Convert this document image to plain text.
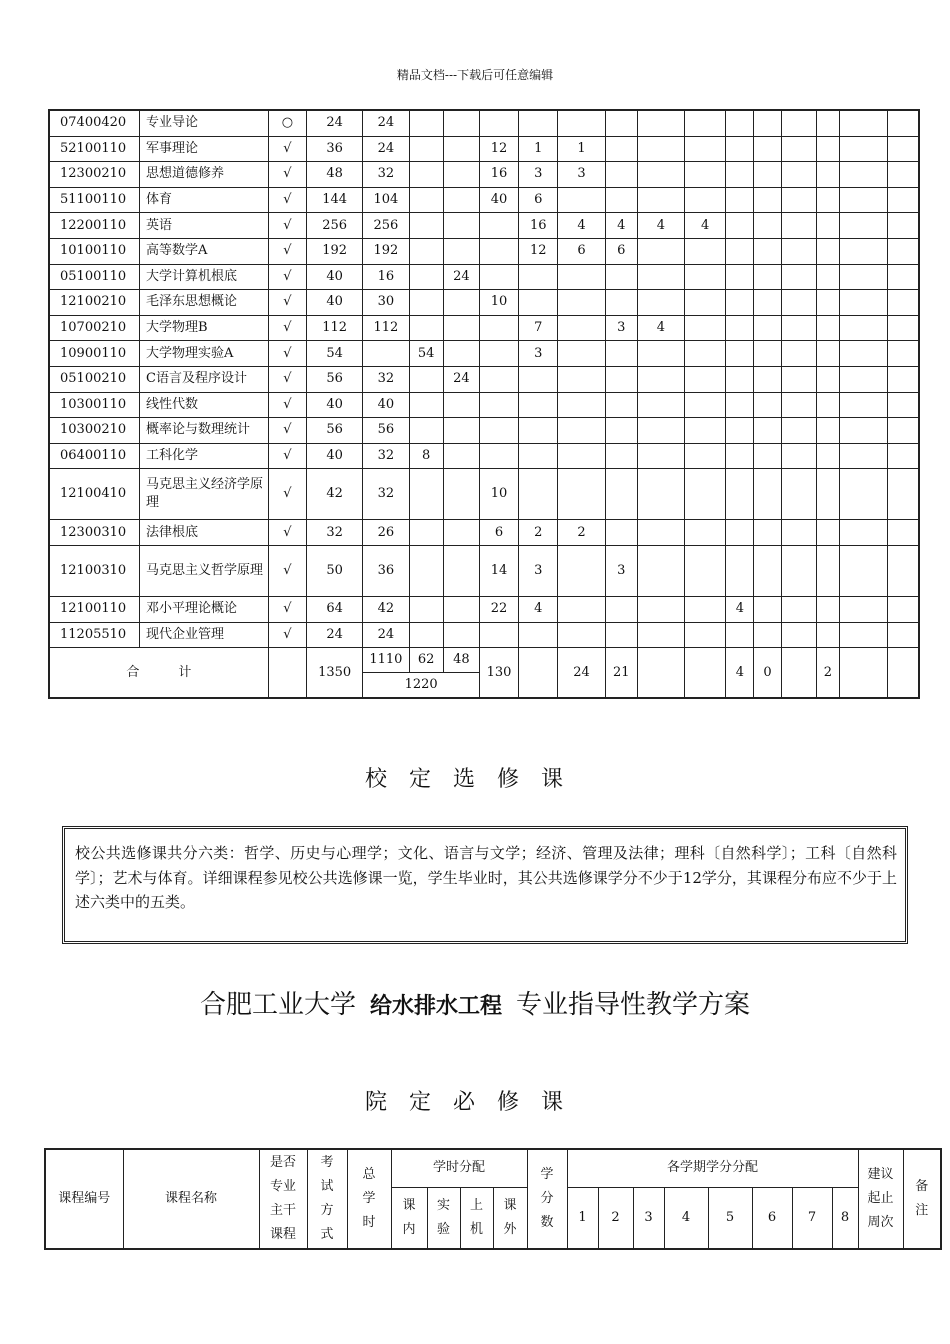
精品文档---下载后可任意编辑
07400420	专业导论	○	24	24														
52100110	军事理论	√	36	24			12	1	1									
12300210	思想道德修养	√	48	32			16	3	3									
51100110	体育	√	144	104			40	6										
12200110	英语	√	256	256				16	4	4	4	4						
10100110	高等数学A	√	192	192				12	6	6								
05100110	大学计算机根底	√	40	16		24												
12100210	毛泽东思想概论	√	40	30			10											
10700210	大学物理B	√	112	112				7		3	4							
10900110	大学物理实验A	√	54		54			3										
05100210	C语言及程序设计	√	56	32		24												
10300110	线性代数	√	40	40														
10300210	概率论与数理统计	√	56	56														
06400110	工科化学	√	40	32	8													
12100410	马克思主义经济学原理	√	42	32			10											
12300310	法律根底	√	32	26			6	2	2									
12100310	马克思主义哲学原理	√	50	36			14	3		3								
12100110	邓小平理论概论	√	64	42			22	4					4					
11205510	现代企业管理	√	24	24														
合　　　计			1350	1110	62	48	130		24	21			4	0		2		
				1220														
校定选修课
校公共选修课共分六类：哲学、历史与心理学；文化、语言与文学；经济、管理及法律；理科〔自然科学〕；工科〔自然科学〕；艺术与体育。详细课程参见校公共选修课一览，学生毕业时，其公共选修课学分不少于12学分，其课程分布应不少于上述六类中的五类。
合肥工业大学 给水排水工程 专业指导性教学方案
院定必修课
课程编号	课程名称	是否专业主干课程	考试方式	总学时	学时分配				学分数	各学期学分分配								建议起止周次	备注
					课内	实验	上机	课外		1	2	3	4	5	6	7	8		
